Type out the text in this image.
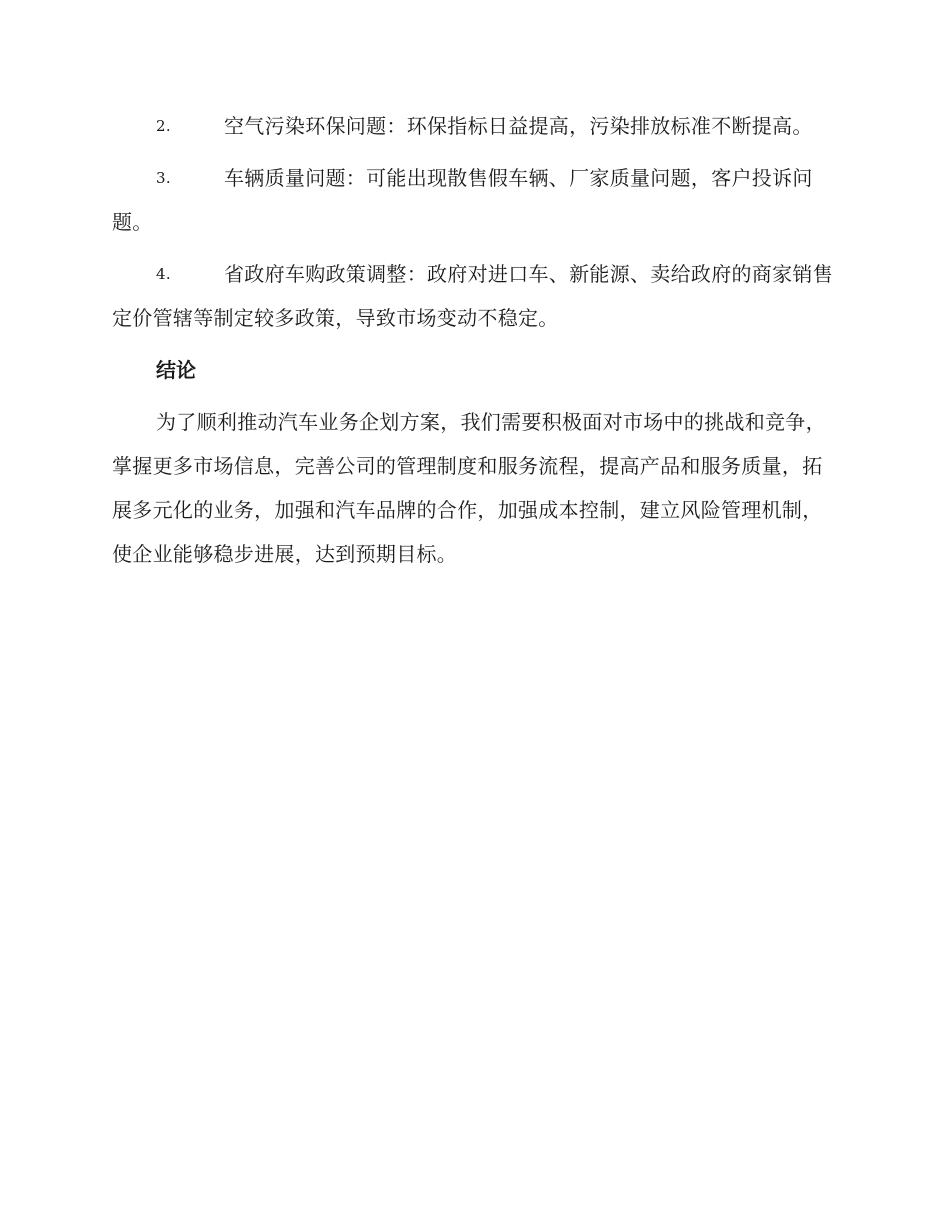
2.	空气污染环保问题：环保指标日益提高，污染排放标准不断提高。
3.	车辆质量问题：可能出现散售假车辆、厂家质量问题，客户投诉问题。
4.	省政府车购政策调整：政府对进口车、新能源、卖给政府的商家销售定价管辖等制定较多政策，导致市场变动不稳定。
结论

为了顺利推动汽车业务企划方案，我们需要积极面对市场中的挑战和竞争，掌握更多市场信息，完善公司的管理制度和服务流程，提高产品和服务质量，拓展多元化的业务，加强和汽车品牌的合作，加强成本控制，建立风险管理机制，使企业能够稳步进展，达到预期目标。
